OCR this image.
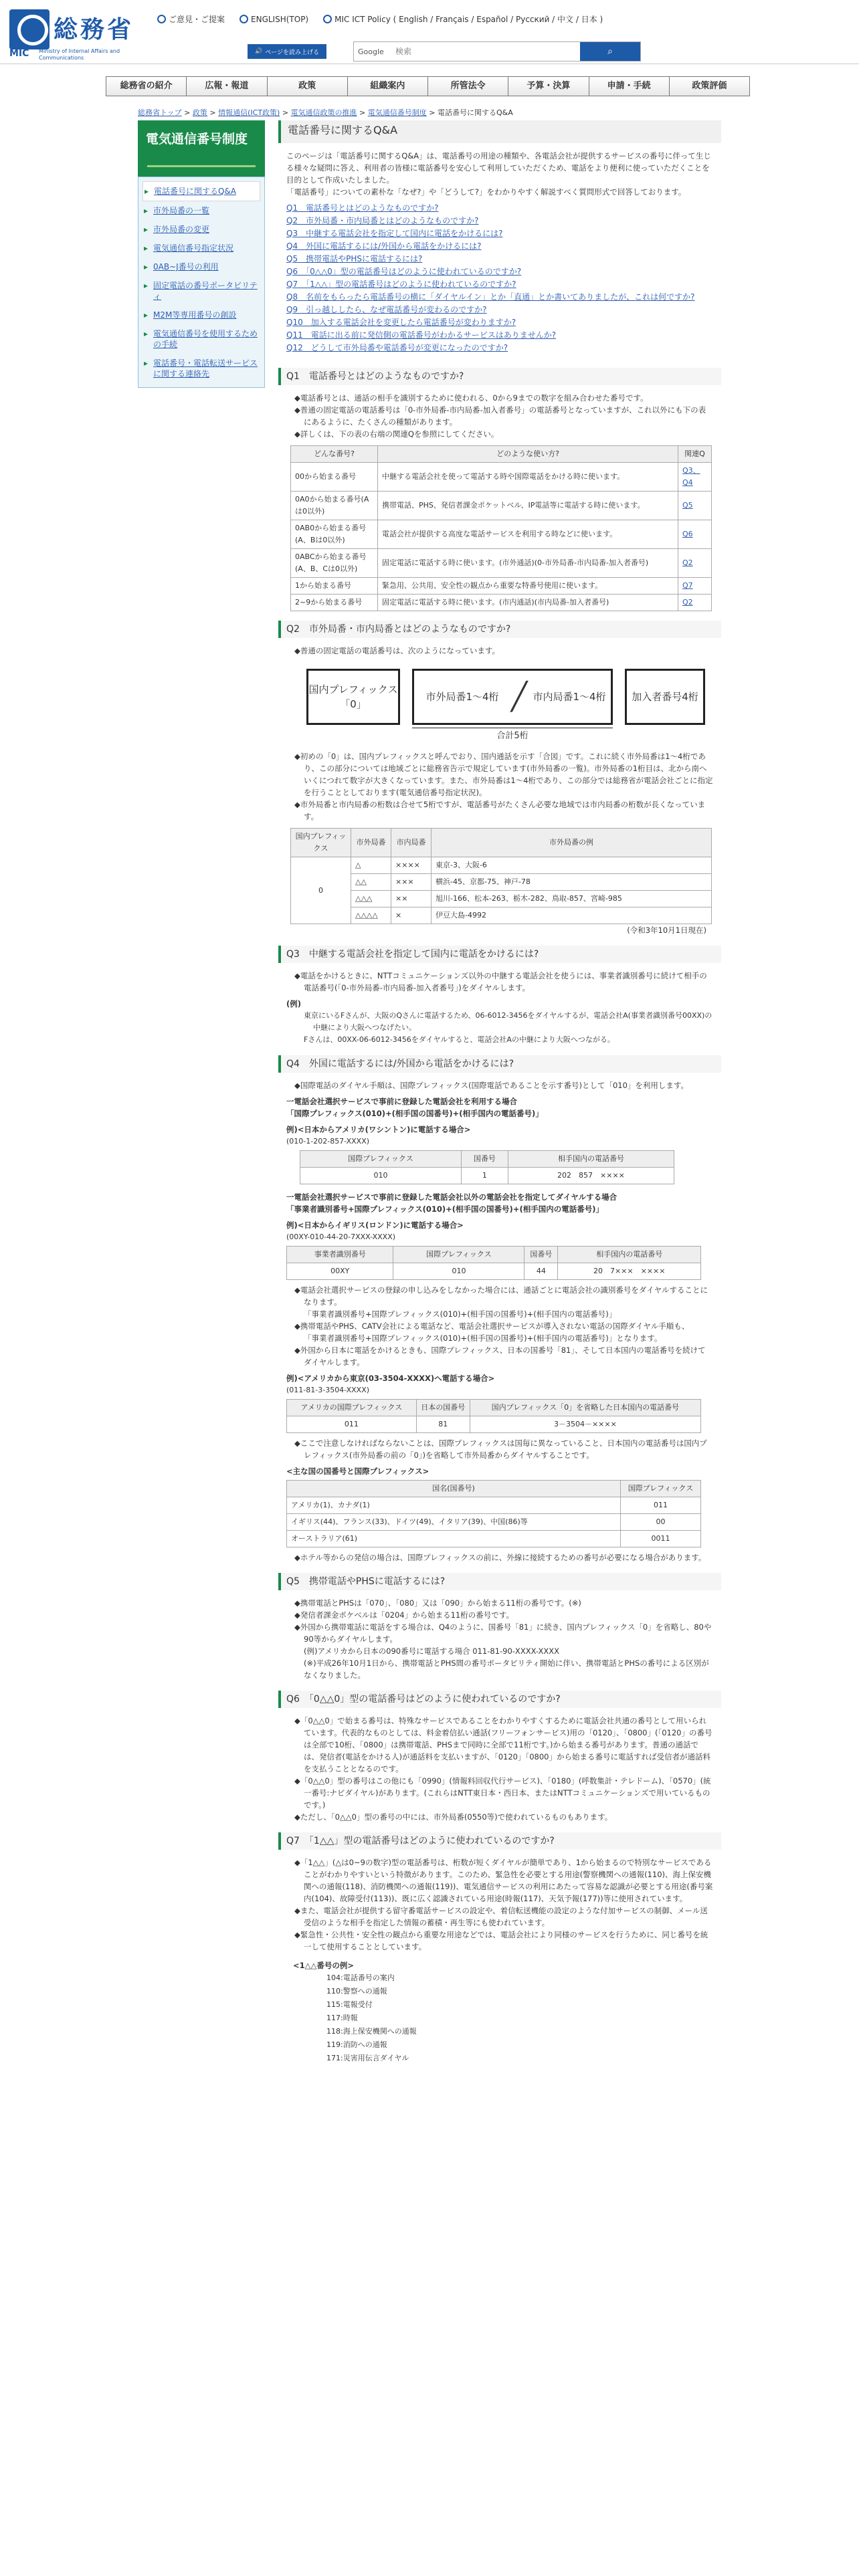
総務省
MIC Ministry of Internal Affairs and Communications
ご意見・ご提案	ENGLISH(TOP)	MIC ICT Policy ( English / Français / Español / Русский / 中文 / 日本 )
🔊 ページを読み上げる	Google
検索	⌕
総務省の紹介	広報・報道	政策	組織案内	所管法令	予算・決算	申請・手続	政策評価
総務省トップ > 政策 > 情報通信(ICT政策) > 電気通信政策の推進 > 電気通信番号制度 > 電話番号に関するQ&A
電気通信番号制度
▸ 電話番号に関するQ&A
▸ 市外局番の一覧
▸ 市外局番の変更
▸ 電気通信番号指定状況
▸ 0AB~J番号の利用
▸ 固定電話の番号ポータビリティ
▸ M2M等専用番号の創設
▸ 電気通信番号を使用するための手続
▸ 電話番号・電話転送サービスに関する連絡先
電話番号に関するQ&A

このページは「電話番号に関するQ&A」は、電話番号の用途の種類や、各電話会社が提供するサービスの番号に伴って生じる様々な疑問に答え、利用者の皆様に電話番号を安心して利用していただくため、電話をより便利に使っていただくことを目的として作成いたしました。

「電話番号」についての素朴な「なぜ?」や「どうして?」をわかりやすく解説すべく質問形式で回答しております。

Q1　電話番号とはどのようなものですか?
Q2　市外局番・市内局番とはどのようなものですか?
Q3　中継する電話会社を指定して国内に電話をかけるには?
Q4　外国に電話するには/外国から電話をかけるには?
Q5　携帯電話やPHSに電話するには?
Q6　「0△△0」型の電話番号はどのように使われているのですか?
Q7　「1△△」型の電話番号はどのように使われているのですか?
Q8　名前をもらったら電話番号の横に「ダイヤルイン」とか「直通」とか書いてありましたが、これは何ですか?
Q9　引っ越ししたら、なぜ電話番号が変わるのですか?
Q10　加入する電話会社を変更したら電話番号が変わりますか?
Q11　電話に出る前に発信側の電話番号がわかるサービスはありませんか?
Q12　どうして市外局番や電話番号が変更になったのですか?
Q1　電話番号とはどのようなものですか?

◆電話番号とは、通話の相手を識別するために使われる、0から9までの数字を組み合わせた番号です。

◆普通の固定電話の電話番号は「0-市外局番-市内局番-加入者番号」の電話番号となっていますが、これ以外にも下の表にあるように、たくさんの種類があります。

◆詳しくは、下の表の右端の関連Qを参照にしてください。

どんな番号?	どのような使い方?	関連Q
00から始まる番号	中継する電話会社を使って電話する時や国際電話をかける時に使います。	Q3、Q4
0A0から始まる番号(Aは0以外)	携帯電話、PHS、発信者課金ポケットベル、IP電話等に電話する時に使います。	Q5
0AB0から始まる番号(A、Bは0以外)	電話会社が提供する高度な電話サービスを利用する時などに使います。	Q6
0ABCから始まる番号(A、B、Cは0以外)	固定電話に電話する時に使います。(市外通話)(0-市外局番-市内局番-加入者番号)	Q2
1から始まる番号	緊急用、公共用、安全性の観点から重要な特番号使用に使います。	Q7
2~9から始まる番号	固定電話に電話する時に使います。(市内通話)(市内局番-加入者番号)	Q2
Q2　市外局番・市内局番とはどのようなものですか?

◆普通の固定電話の電話番号は、次のようになっています。

国内プレフィックス「0」
市外局番1～4桁 ╱ 市内局番1～4桁	加入者番号4桁
合計5桁

◆初めの「0」は、国内プレフィックスと呼んでおり、国内通話を示す「合図」です。これに続く市外局番は1～4桁であり、この部分については地域ごとに総務省告示で規定しています(市外局番の一覧)。市外局番の1桁目は、北から南へいくにつれて数字が大きくなっています。また、市外局番は1～4桁であり、この部分では総務省が電話会社ごとに指定を行うこととしております(電気通信番号指定状況)。

◆市外局番と市内局番の桁数は合せて5桁ですが、電話番号がたくさん必要な地域では市内局番の桁数が長くなっています。

国内プレフィックス	市外局番	市内局番	市外局番の例
0	△	××××	東京-3、大阪-6
	△△	×××	横浜-45、京都-75、神戸-78
	△△△	××	旭川-166、松本-263、栃木-282、鳥取-857、宮崎-985
	△△△△	×	伊豆大島-4992

(令和3年10月1日現在)

Q3　中継する電話会社を指定して国内に電話をかけるには?

◆電話をかけるときに、NTTコミュニケーションズ以外の中継する電話会社を使うには、事業者識別番号に続けて相手の電話番号(「0-市外局番-市内局番-加入者番号」)をダイヤルします。

(例)

東京にいるFさんが、大阪のQさんに電話するため、06-6012-3456をダイヤルするが、電話会社A(事業者識別番号00XX)の中継により大阪へつなげたい。

Fさんは、00XX-06-6012-3456をダイヤルすると、電話会社Aの中継により大阪へつながる。

Q4　外国に電話するには/外国から電話をかけるには?

◆国際電話のダイヤル手順は、国際プレフィックス(国際電話であることを示す番号)として「010」を利用します。

一電話会社選択サービスで事前に登録した電話会社を利用する場合

「国際プレフィックス(010)+(相手国の国番号)+(相手国内の電話番号)」

例)<日本からアメリカ(ワシントン)に電話する場合>

(010-1-202-857-XXXX)

国際プレフィックス	国番号	相手国内の電話番号
010	1	202　857　××××

一電話会社選択サービスで事前に登録した電話会社以外の電話会社を指定してダイヤルする場合

「事業者識別番号+国際プレフィックス(010)+(相手国の国番号)+(相手国内の電話番号)」

例)<日本からイギリス(ロンドン)に電話する場合>

(00XY-010-44-20-7XXX-XXXX)

事業者識別番号	国際プレフィックス	国番号	相手国内の電話番号
00XY	010	44	20　7×××　××××

◆電話会社選択サービスの登録の申し込みをしなかった場合には、通話ごとに電話会社の識別番号をダイヤルすることになります。

「事業者識別番号+国際プレフィックス(010)+(相手国の国番号)+(相手国内の電話番号)」

◆携帯電話やPHS、CATV会社による電話など、電話会社選択サービスが導入されない電話の国際ダイヤル手順も、

「事業者識別番号+国際プレフィックス(010)+(相手国の国番号)+(相手国内の電話番号)」となります。

◆外国から日本に電話をかけるときも、国際プレフィックス、日本の国番号「81」、そして日本国内の電話番号を続けてダイヤルします。

例)<アメリカから東京(03-3504-XXXX)へ電話する場合>

(011-81-3-3504-XXXX)

アメリカの国際プレフィックス	日本の国番号	国内プレフィックス「0」を省略した日本国内の電話番号
011	81	3－3504－××××

◆ここで注意しなければならないことは、国際プレフィックスは国毎に異なっていること、日本国内の電話番号は国内プレフィックス(市外局番の前の「0」)を省略して市外局番からダイヤルすることです。

<主な国の国番号と国際プレフィックス>

国名(国番号)	国際プレフィックス
アメリカ(1)、カナダ(1)	011
イギリス(44)、フランス(33)、ドイツ(49)、イタリア(39)、中国(86)等	00
オーストラリア(61)	0011

◆ホテル等からの発信の場合は、国際プレフィックスの前に、外線に接続するための番号が必要になる場合があります。

Q5　携帯電話やPHSに電話するには?

◆携帯電話とPHSは「070」、「080」又は「090」から始まる11桁の番号です。(※)

◆発信者課金ポケベルは「0204」から始まる11桁の番号です。

◆外国から携帯電話に電話をする場合は、Q4のように、国番号「81」に続き、国内プレフィックス「0」を省略し、80や90等からダイヤルします。

(例)アメリカから日本の090番号に電話する場合 011-81-90-XXXX-XXXX

(※)平成26年10月1日から、携帯電話とPHS間の番号ポータビリティ開始に伴い、携帯電話とPHSの番号による区別がなくなりました。

Q6　「0△△0」型の電話番号はどのように使われているのですか?

◆「0△△0」で始まる番号は、特殊なサービスであることをわかりやすくするために電話会社共通の番号として用いられています。代表的なものとしては、料金着信払い通話(フリーフォンサービス)用の「0120」、「0800」(「0120」の番号は全部で10桁、「0800」は携帯電話、PHSまで同時に全部で11桁です。)から始まる番号があります。普通の通話では、発信者(電話をかける人)が通話料を支払いますが、「0120」「0800」から始まる番号に電話すれば受信者が通話料を支払うこととなるのです。

◆「0△△0」型の番号はこの他にも「0990」(情報料回収代行サービス)、「0180」(呼数集計・テレドーム)、「0570」(統一番号:ナビダイヤル)があります。(これらはNTT東日本・西日本、またはNTTコミュニケーションズで用いているものです。)

◆ただし、「0△△0」型の番号の中には、市外局番(0550等)で使われているものもあります。

Q7　「1△△」型の電話番号はどのように使われているのですか?

◆「1△△」(△は0~9の数字)型の電話番号は、桁数が短くダイヤルが簡単であり、1から始まるので特別なサービスであることがわかりやすいという特徴があります。このため、緊急性を必要とする用途(警察機関への通報(110)、海上保安機関への通報(118)、消防機関への通報(119))、電気通信サービスの利用にあたって容易な認識が必要とする用途(番号案内(104)、故障受付(113))、既に広く認識されている用途(時報(117)、天気予報(177))等に使用されています。

◆また、電話会社が提供する留守番電話サービスの設定や、着信転送機能の設定のような付加サービスの制御、メール送受信のような相手を指定した情報の蓄積・再生等にも使われています。

◆緊急性・公共性・安全性の観点から重要な用途などでは、電話会社により同様のサービスを行うために、同じ番号を統一して使用することとしています。

<1△△番号の例>

104:電話番号の案内
110:警察への通報
115:電報受付
117:時報
118:海上保安機関への通報
119:消防への通報
171:災害用伝言ダイヤル
